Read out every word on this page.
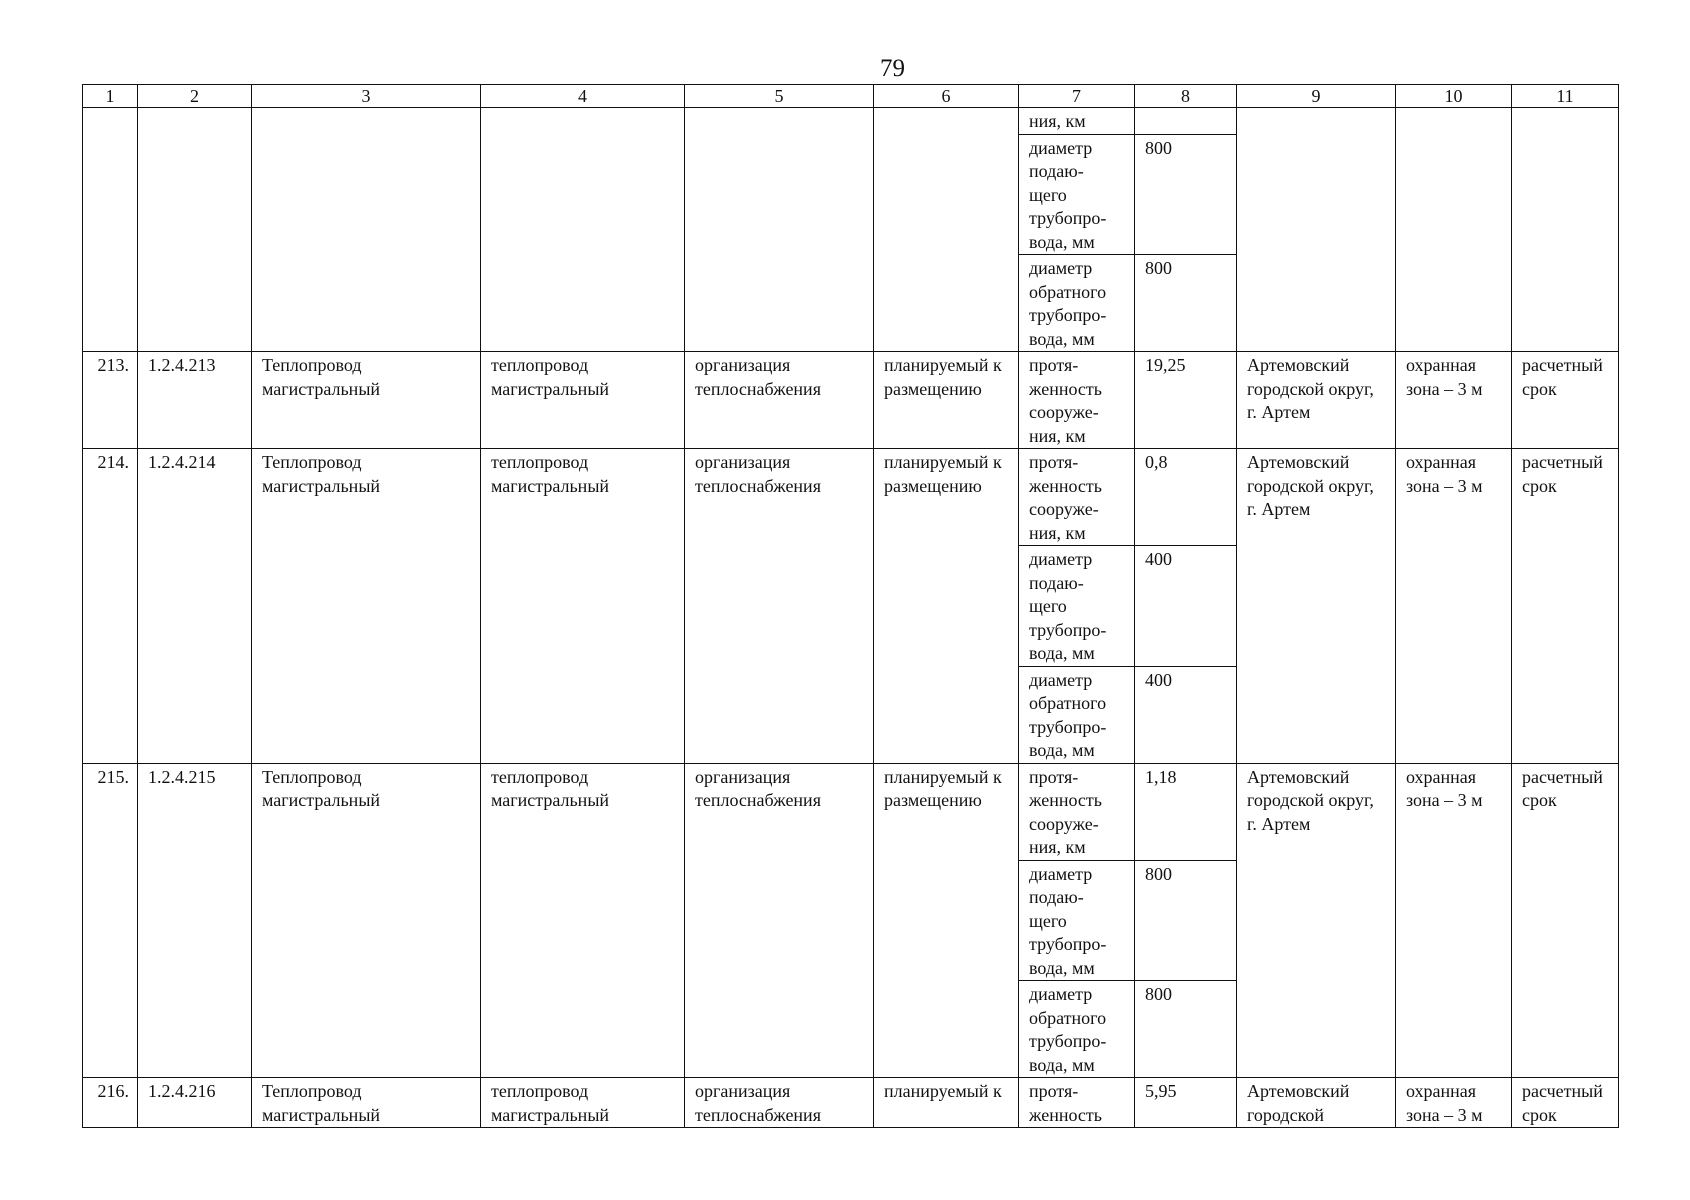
79
1	2	3	4	5	6	7	8	9	10	11
						ния, км				
						диаметр
подаю-
щего
трубопро-
вода, мм	800			
						диаметр
обратного
трубопро-
вода, мм	800			
213.	1.2.4.213	Теплопровод магистральный	теплопровод магистральный	организация теплоснабжения	планируемый к размещению	протя-
женность
сооруже-
ния, км	19,25	Артемовский городской округ, г. Артем	охранная зона – 3 м	расчетный срок
214.	1.2.4.214	Теплопровод магистральный	теплопровод магистральный	организация теплоснабжения	планируемый к размещению	протя-
женность
сооруже-
ния, км	0,8	Артемовский городской округ, г. Артем	охранная зона – 3 м	расчетный срок
						диаметр
подаю-
щего
трубопро-
вода, мм	400			
						диаметр
обратного
трубопро-
вода, мм	400			
215.	1.2.4.215	Теплопровод магистральный	теплопровод магистральный	организация теплоснабжения	планируемый к размещению	протя-
женность
сооруже-
ния, км	1,18	Артемовский городской округ, г. Артем	охранная зона – 3 м	расчетный срок
						диаметр
подаю-
щего
трубопро-
вода, мм	800			
						диаметр
обратного
трубопро-
вода, мм	800			
216.	1.2.4.216	Теплопровод магистральный	теплопровод магистральный	организация теплоснабжения	планируемый к	протя-
женность	5,95	Артемовский городской	охранная зона – 3 м	расчетный срок
